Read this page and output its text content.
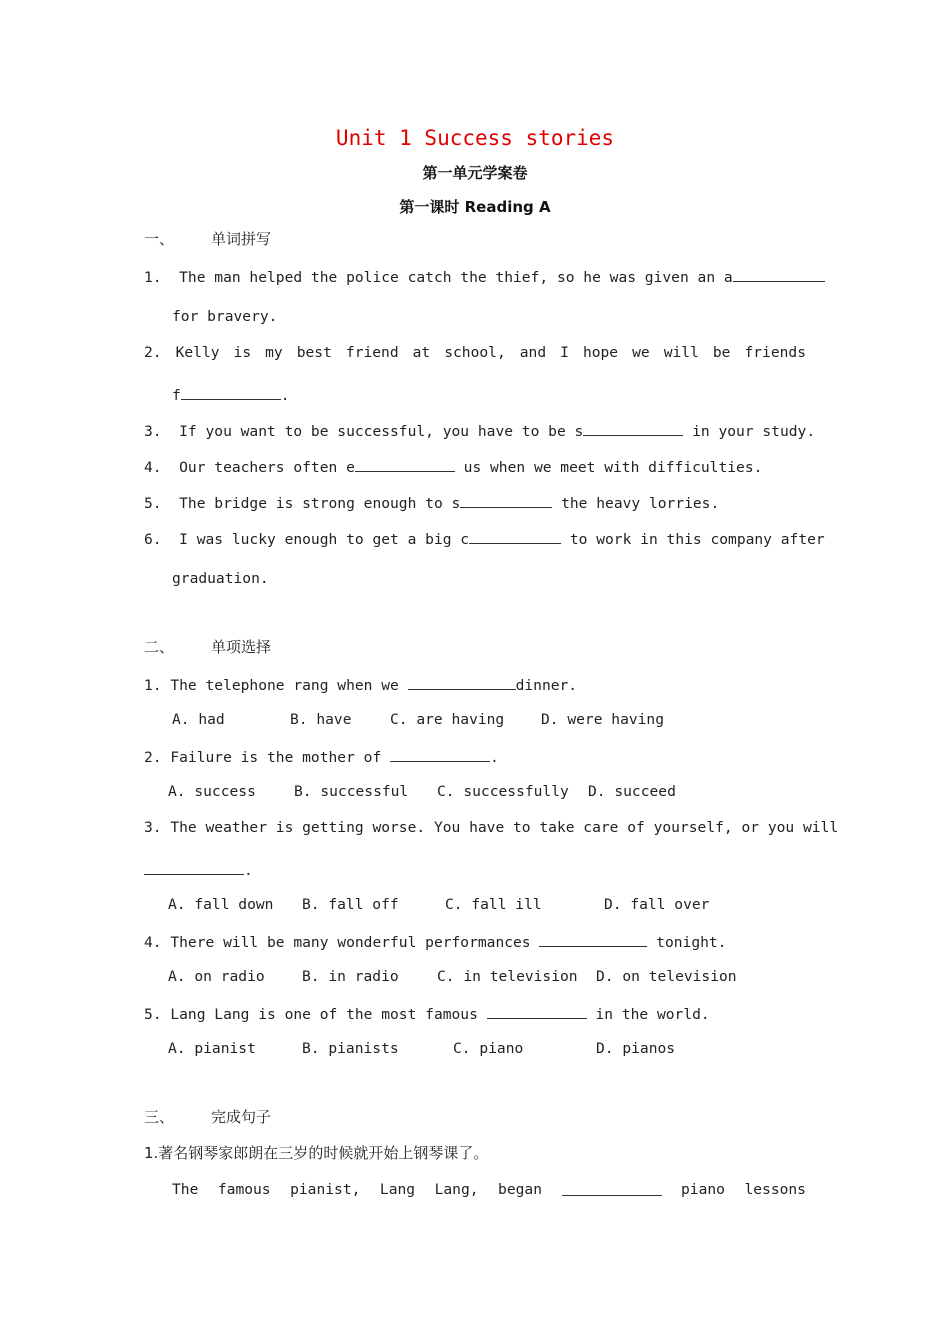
Unit 1 Success stories
第一单元学案卷
第一课时 Reading A
一、 单词拼写
1.  The man helped the police catch the thief, so he was given an a
for bravery.
2. Kelly is my best friend at school, and I hope we will be friends
f	.
3.  If you want to be successful, you have to be s	in your study.
4.  Our teachers often e	us when we meet with difficulties.
5.  The bridge is strong enough to s	the heavy lorries.
6.  I was lucky enough to get a big c	to work in this company after
graduation.
二、 单项选择
1. The telephone rang when we	dinner.
A. had	B. have	C. are having	D. were having
2. Failure is the mother of	.
A. success	B. successful C. successfully D. succeed
3. The weather is getting worse. You have to take care of yourself, or you will
.
A. fall down B. fall off	C. fall ill	D. fall over
4. There will be many wonderful performances	tonight.
A. on radio	B. in radio	C. in television D. on television
5. Lang Lang is one of the most famous	in the world.
A. pianist	B. pianists	C. piano	D. pianos
三、 完成句子
1.著名钢琴家郎朗在三岁的时候就开始上钢琴课了。
The famous pianist, Lang Lang, began	piano lessons
